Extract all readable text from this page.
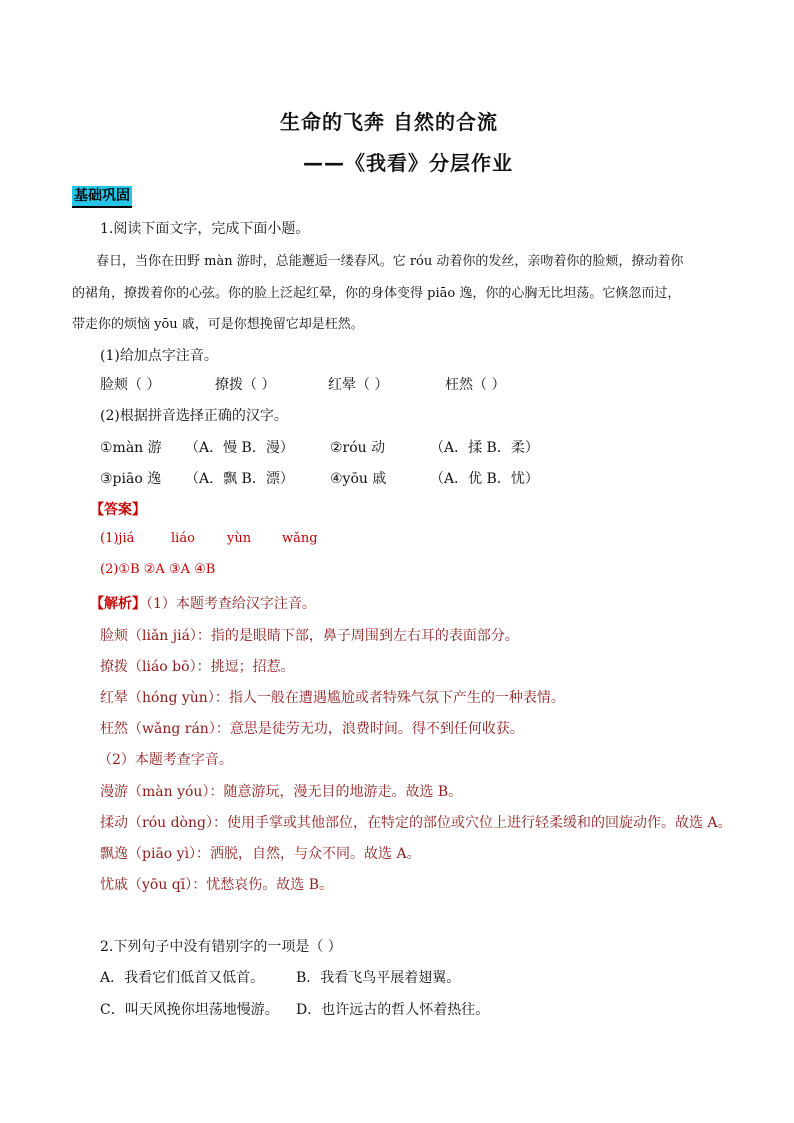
生命的飞奔 自然的合流
——《我看》分层作业
基础巩固
1.阅读下面文字，完成下面小题。
春日，当你在田野 màn 游时，总能邂逅一缕春风。它 róu 动着你的发丝，亲吻着你的脸颊，撩动着你
的裙角，撩拨着你的心弦。你的脸上泛起红晕，你的身体变得 piāo 逸，你的心胸无比坦荡。它倏忽而过，
带走你的烦恼 yōu 戚，可是你想挽留它却是枉然。
(1)给加点字注音。
脸颊（ ）	撩拨（ ）	红晕（ ）	枉然（ ）
(2)根据拼音选择正确的汉字。
①màn 游 （A．慢 B．漫）	②róu 动	（A．揉 B．柔）
③piāo 逸 （A．飘 B．漂）	④yōu 戚	（A．优 B．忧）
【答案】
(1)jiá	liáo yùn wǎng
(2)①B ②A ③A ④B
【解析】（1）本题考查给汉字注音。
脸颊（liǎn jiá）：指的是眼睛下部，鼻子周围到左右耳的表面部分。
撩拨（liáo bō）：挑逗；招惹。
红晕（hóng yùn）：指人一般在遭遇尴尬或者特殊气氛下产生的一种表情。
枉然（wǎng rán）：意思是徒劳无功，浪费时间。得不到任何收获。
（2）本题考查字音。
漫游（màn yóu）：随意游玩，漫无目的地游走。故选 B。
揉动（róu dòng）：使用手掌或其他部位，在特定的部位或穴位上进行轻柔缓和的回旋动作。故选 A。
飘逸（piāo yì）：洒脱，自然，与众不同。故选 A。
忧戚（yōu qī）：忧愁哀伤。故选 B。
2.下列句子中没有错别字的一项是（ ）
A．我看它们低首又低首。 B．我看飞鸟平展着翅翼。
C．叫天风挽你坦荡地慢游。 D．也许远古的哲人怀着热往。
